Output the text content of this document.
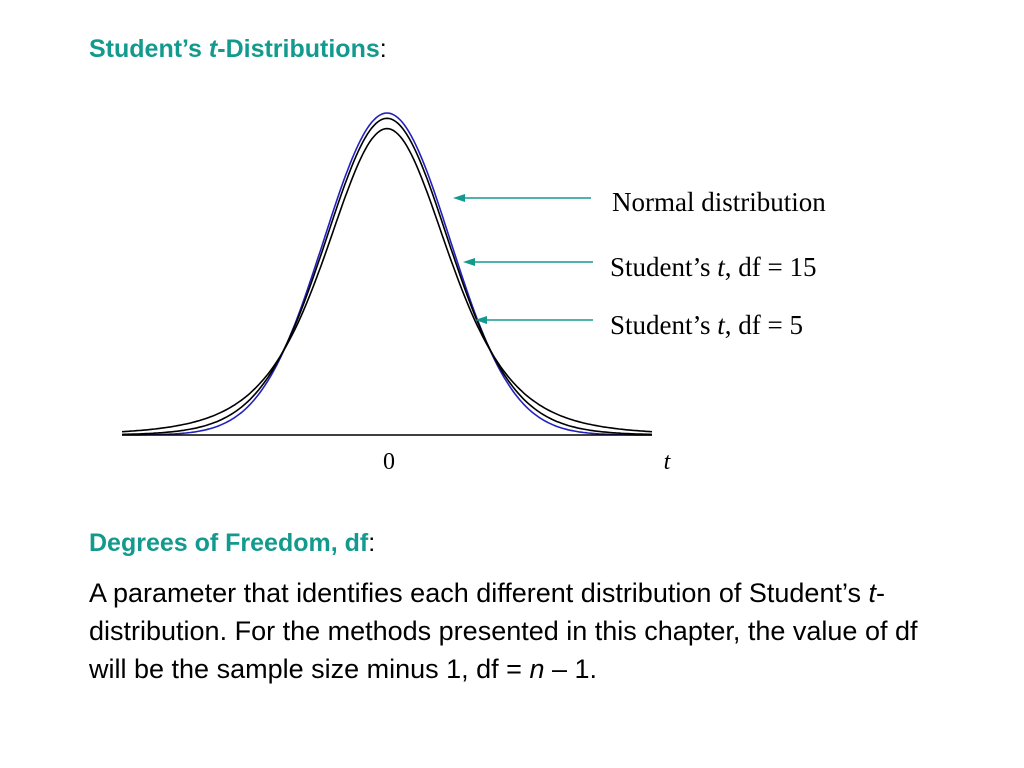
Student’s t-Distributions:
0	t
Normal distribution
Student’s t, df = 15
Student’s t, df = 5
Degrees of Freedom, df:

A parameter that identifies each different distribution of Student’s t-distribution. For the methods presented in this chapter, the value of df will be the sample size minus 1, df = n – 1.
